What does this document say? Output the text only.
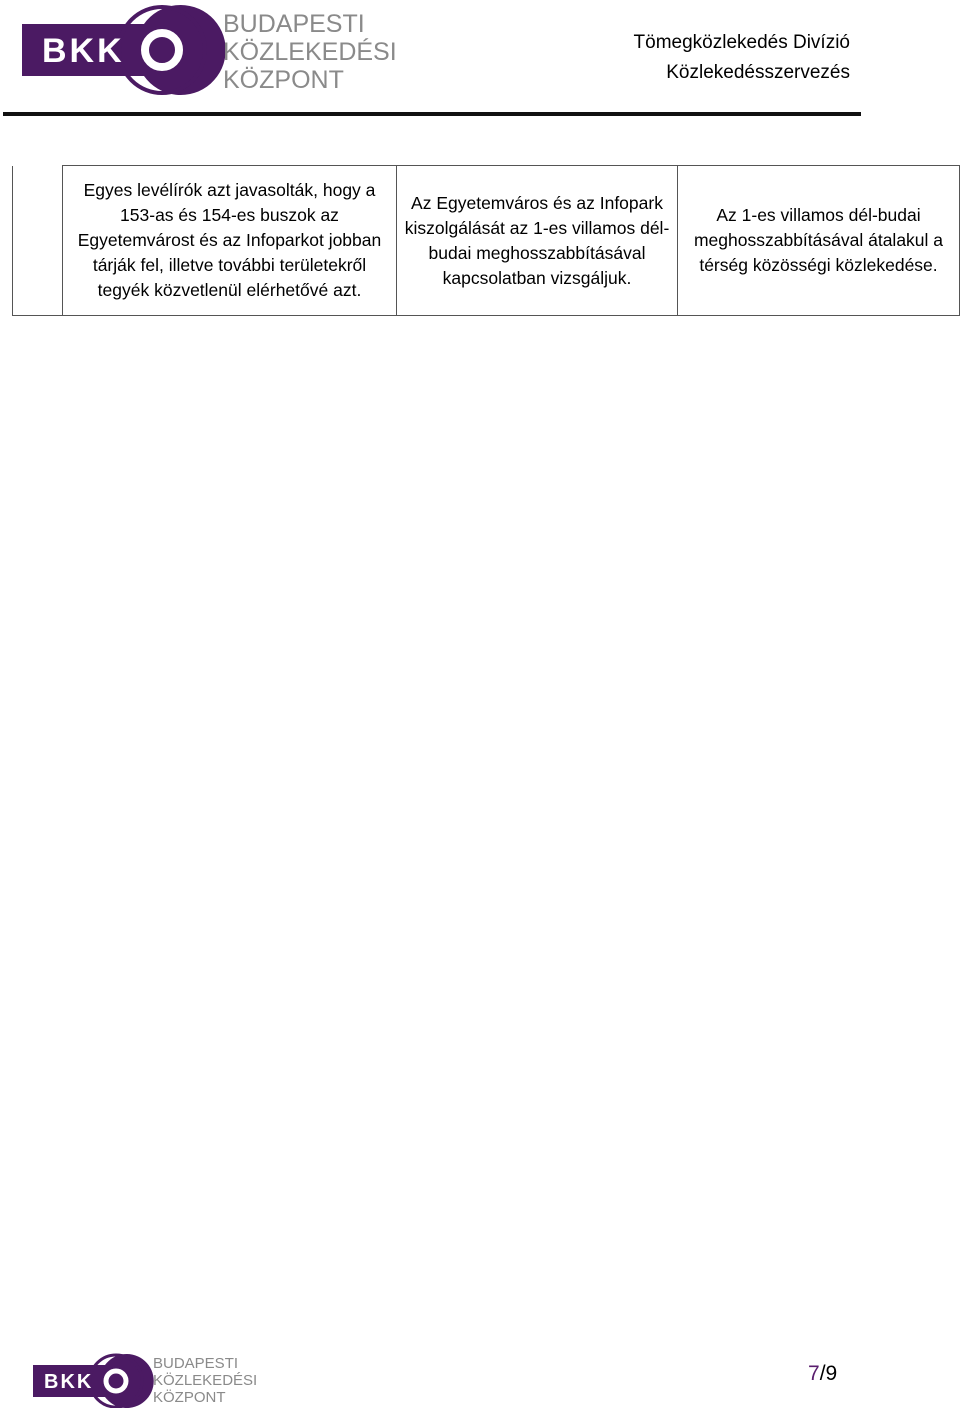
BKK
BUDAPESTI
KÖZLEKEDÉSI
KÖZPONT
Tömegközlekedés Divízió
Közlekedésszervezés
	Egyes levélírók azt javasolták, hogy a 153-as és 154-es buszok az Egyetemvárost és az Infoparkot jobban tárják fel, illetve további területekről tegyék közvetlenül elérhetővé azt.	Az Egyetemváros és az Infopark kiszolgálását az 1-es villamos dél-budai meghosszabbításával kapcsolatban vizsgáljuk.	Az 1-es villamos dél-budai meghosszabbításával átalakul a térség közösségi közlekedése.
BKK
BUDAPESTI
KÖZLEKEDÉSI
KÖZPONT
7/9
